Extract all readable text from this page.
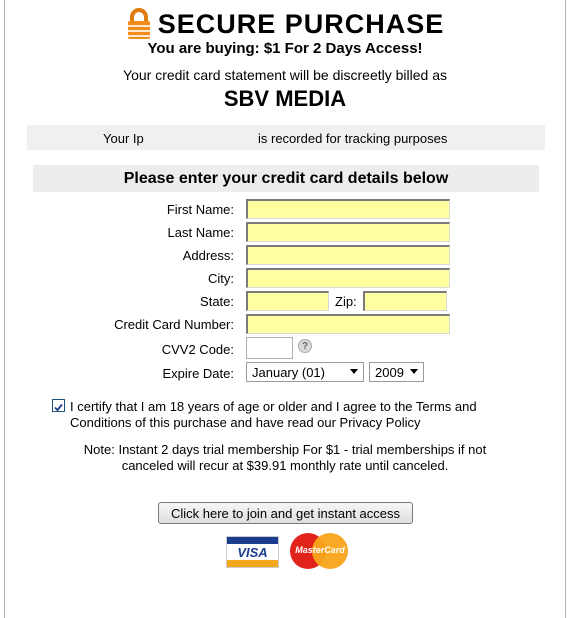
SECURE PURCHASE
You are buying: $1 For 2 Days Access!
Your credit card statement will be discreetly billed as
SBV MEDIA
Your Ip	is recorded for tracking purposes
Please enter your credit card details below
First Name:
Last Name:
Address:
City:
State:	Zip:
Credit Card Number:
CVV2 Code:	?
Expire Date: January (01)	2009
I certify that I am 18 years of age or older and I agree to the Terms and
Conditions of this purchase and have read our Privacy Policy
Note: Instant 2 days trial membership For $1 - trial memberships if not
canceled will recur at $39.91 monthly rate until canceled.
Click here to join and get instant access
VISA	MasterCard
